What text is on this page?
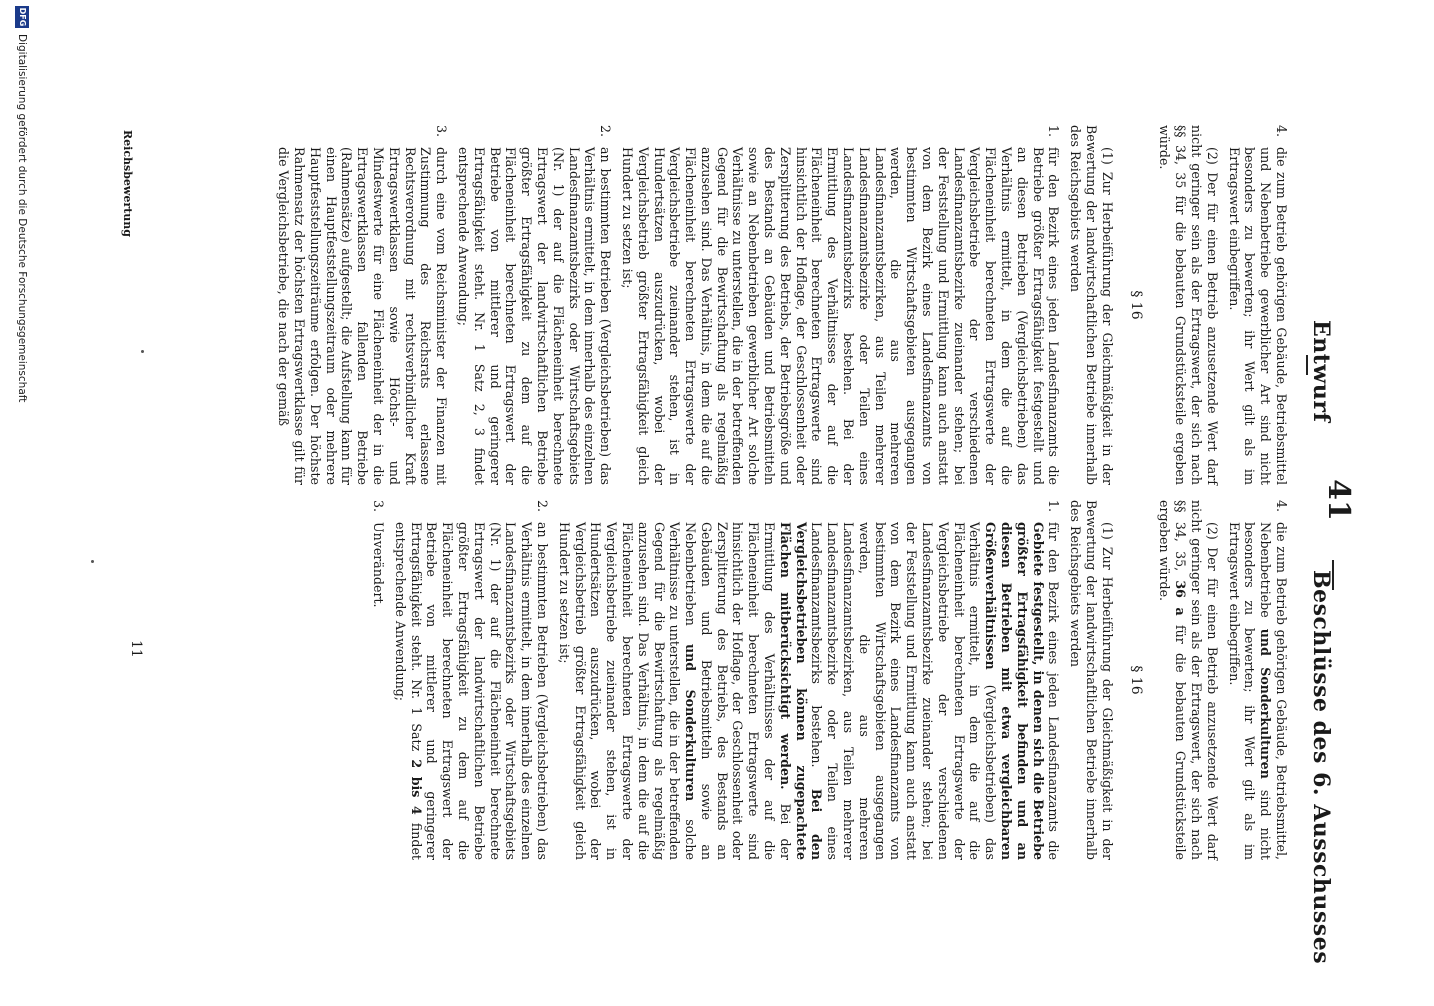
41
Entwurf
Beschlüsse des 6. Ausschusses
4.
die zum Betrieb gehörigen Gebäude, Betriebsmittel und Nebenbetriebe gewerblicher Art sind nicht besonders zu bewerten; ihr Wert gilt als im Ertragswert einbegriffen.

(2) Der für einen Betrieb anzusetzende Wert darf nicht geringer sein als der Ertragswert, der sich nach §§ 34, 35 für die bebauten Grundstücksteile ergeben würde.

§ 16

(1) Zur Herbeiführung der Gleichmäßigkeit in der Bewertung der landwirtschaftlichen Betriebe innerhalb des Reichsgebiets werden

1.
für den Bezirk eines jeden Landesfinanzamts die Betriebe größter Ertragsfähigkeit festgestellt und an diesen Betrieben (Vergleichsbetrieben) das Verhältnis ermittelt, in dem die auf die Flächeneinheit berechneten Ertragswerte der Vergleichsbetriebe der verschiedenen Landesfinanzamtsbezirke zueinander stehen; bei der Feststellung und Ermittlung kann auch anstatt von dem Bezirk eines Landesfinanzamts von bestimmten Wirtschaftsgebieten ausgegangen werden, die aus mehreren Landesfinanzamtsbezirken, aus Teilen mehrerer Landesfinanzamtsbezirke oder Teilen eines Landesfinanzamtsbezirks bestehen. Bei der Ermittlung des Verhältnisses der auf die Flächeneinheit berechneten Ertragswerte sind hinsichtlich der Hoflage, der Geschlossenheit oder Zersplitterung des Betriebs, der Betriebsgröße und des Bestands an Gebäuden und Betriebsmitteln sowie an Nebenbetrieben gewerblicher Art solche Verhältnisse zu unterstellen, die in der betreffenden Gegend für die Bewirtschaftung als regelmäßig anzusehen sind. Das Verhältnis, in dem die auf die Flächeneinheit berechneten Ertragswerte der Vergleichsbetriebe zueinander stehen, ist in Hundertsätzen auszudrücken, wobei der Vergleichsbetrieb größter Ertragsfähigkeit gleich Hundert zu setzen ist;
2.
an bestimmten Betrieben (Vergleichsbetrieben) das Verhältnis ermittelt, in dem innerhalb des einzelnen Landesfinanzamtsbezirks oder Wirtschaftsgebiets (Nr. 1) der auf die Flächeneinheit berechnete Ertragswert der landwirtschaftlichen Betriebe größter Ertragsfähigkeit zu dem auf die Flächeneinheit berechneten Ertragswert der Betriebe von mittlerer und geringerer Ertragsfähigkeit steht. Nr. 1 Satz 2, 3 findet entsprechende Anwendung;
3.
durch eine vom Reichsminister der Finanzen mit Zustimmung des Reichsrats erlassene Rechtsverordnung mit rechtsverbindlicher Kraft Ertragswertklassen sowie Höchst- und Mindestwerte für eine Flächeneinheit der in die Ertragswertklassen fallenden Betriebe (Rahmensätze) aufgestellt; die Aufstellung kann für einen Hauptfeststellungszeitraum oder mehrere Hauptfeststellungszeiträume erfolgen. Der höchste Rahmensatz der höchsten Ertragswertklasse gilt für die Vergleichsbetriebe, die nach der gemäß
4.
die zum Betrieb gehörigen Gebäude, Betriebsmittel, Nebenbetriebe und Sonderkulturen sind nicht besonders zu bewerten; ihr Wert gilt als im Ertragswert einbegriffen.

(2) Der für einen Betrieb anzusetzende Wert darf nicht geringer sein als der Ertragswert, der sich nach §§ 34, 35, 36 a für die bebauten Grundstücksteile ergeben würde.

§ 16

(1) Zur Herbeiführung der Gleichmäßigkeit in der Bewertung der landwirtschaftlichen Betriebe innerhalb des Reichsgebiets werden

1.
für den Bezirk eines jeden Landesfinanzamts die Gebiete festgestellt, in denen sich die Betriebe größter Ertragsfähigkeit befinden und an diesen Betrieben mit etwa vergleichbaren Größenverhältnissen (Vergleichsbetrieben) das Verhältnis ermittelt, in dem die auf die Flächeneinheit berechneten Ertragswerte der Vergleichsbetriebe der verschiedenen Landesfinanzamtsbezirke zueinander stehen; bei der Feststellung und Ermittlung kann auch anstatt von dem Bezirk eines Landesfinanzamts von bestimmten Wirtschaftsgebieten ausgegangen werden, die aus mehreren Landesfinanzamtsbezirken, aus Teilen mehrerer Landesfinanzamtsbezirke oder Teilen eines Landesfinanzamtsbezirks bestehen. Bei den Vergleichsbetrieben können zugepachtete Flächen mitberücksichtigt werden. Bei der Ermittlung des Verhältnisses der auf die Flächeneinheit berechneten Ertragswerte sind hinsichtlich der Hoflage, der Geschlossenheit oder Zersplitterung des Betriebs, des Bestands an Gebäuden und Betriebsmitteln sowie an Nebenbetrieben und Sonderkulturen solche Verhältnisse zu unterstellen, die in der betreffenden Gegend für die Bewirtschaftung als regelmäßig anzusehen sind. Das Verhältnis, in dem die auf die Flächeneinheit berechneten Ertragswerte der Vergleichsbetriebe zueinander stehen, ist in Hundertsätzen auszudrücken, wobei der Vergleichsbetrieb größter Ertragsfähigkeit gleich Hundert zu setzen ist;
2.
an bestimmten Betrieben (Vergleichsbetrieben) das Verhältnis ermittelt, in dem innerhalb des einzelnen Landesfinanzamtsbezirks oder Wirtschaftsgebiets (Nr. 1) der auf die Flächeneinheit berechnete Ertragswert der landwirtschaftlichen Betriebe größter Ertragsfähigkeit zu dem auf die Flächeneinheit berechneten Ertragswert der Betriebe von mittlerer und geringerer Ertragsfähigkeit steht. Nr. 1 Satz 2 bis 4 findet entsprechende Anwendung;
3.
Unverändert.
Reichsbewertung
11
DFG
Digitalisierung gefördert durch die Deutsche Forschungsgemeinschaft
